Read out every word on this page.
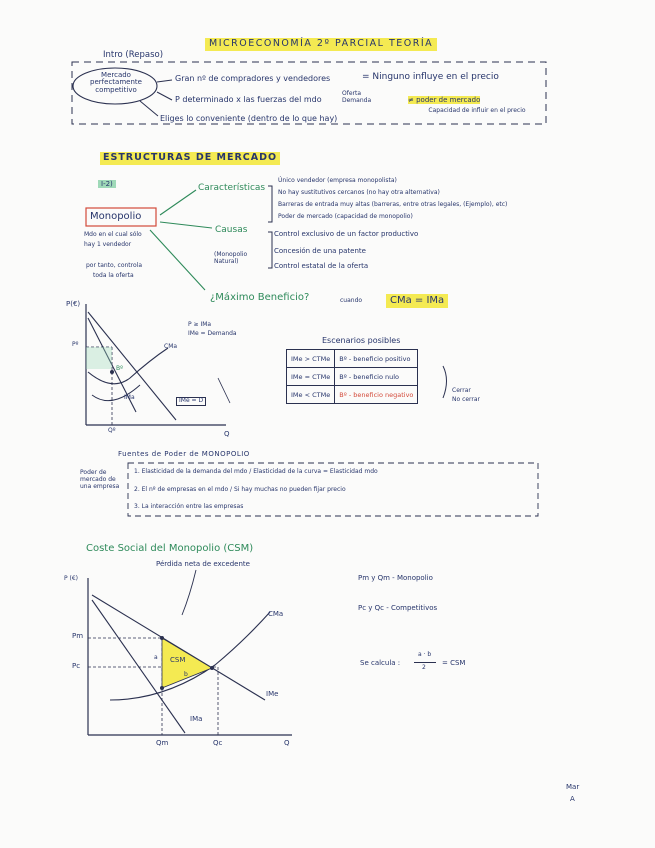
MICROECONOMÍA 2º PARCIAL TEORÍA
Intro (Repaso)
Mercado perfectamente competitivo
Gran nº de compradores y vendedores	= Ninguno influye en el precio
P determinado x las fuerzas del mdo
Oferta Demanda	≠ poder de mercado
Capacidad de influir en el precio
Eliges lo conveniente (dentro de lo que hay)
ESTRUCTURAS DE MERCADO
I-2)
Monopolio
Mdo en el cual sólo
hay 1 vendedor
por tanto, controla
toda la oferta
Características
Único vendedor (empresa monopolista)
No hay sustitutivos cercanos (no hay otra alternativa)
Barreras de entrada muy altas (barreras, entre otras legales, (Ejemplo), etc)
Poder de mercado (capacidad de monopolio)
Causas	Control exclusivo de un factor productivo
Concesión de una patente
Control estatal de la oferta
(Monopolio Natural)
¿Máximo Beneficio?	cuando	CMa = IMa
P(€)
Q
Pº
Qº
P ≥ IMa
IMe = Demanda
CMa
IMa	IMe = D
Bº
Escenarios posibles
IMe > CTMe	Bº - beneficio positivo
IMe = CTMe	Bº - beneficio nulo
IMe < CTMe	Bº - beneficio negativo	Cerrar
No cerrar
Fuentes de Poder de MONOPOLIO
Poder de mercado de una empresa
1. Elasticidad de la demanda del mdo / Elasticidad de la curva = Elasticidad mdo
2. El nº de empresas en el mdo / Si hay muchas no pueden fijar precio
3. La interacción entre las empresas
Coste Social del Monopolio (CSM)
Pérdida neta de excedente
P (€)
Q
Pm
Pc
Qm	Qc
CSM
a
b
CMa
IMe
IMa
Pm y Qm - Monopolio
Pc y Qc - Competitivos
Se calcula :
a · b
2
= CSM
Mar
A
